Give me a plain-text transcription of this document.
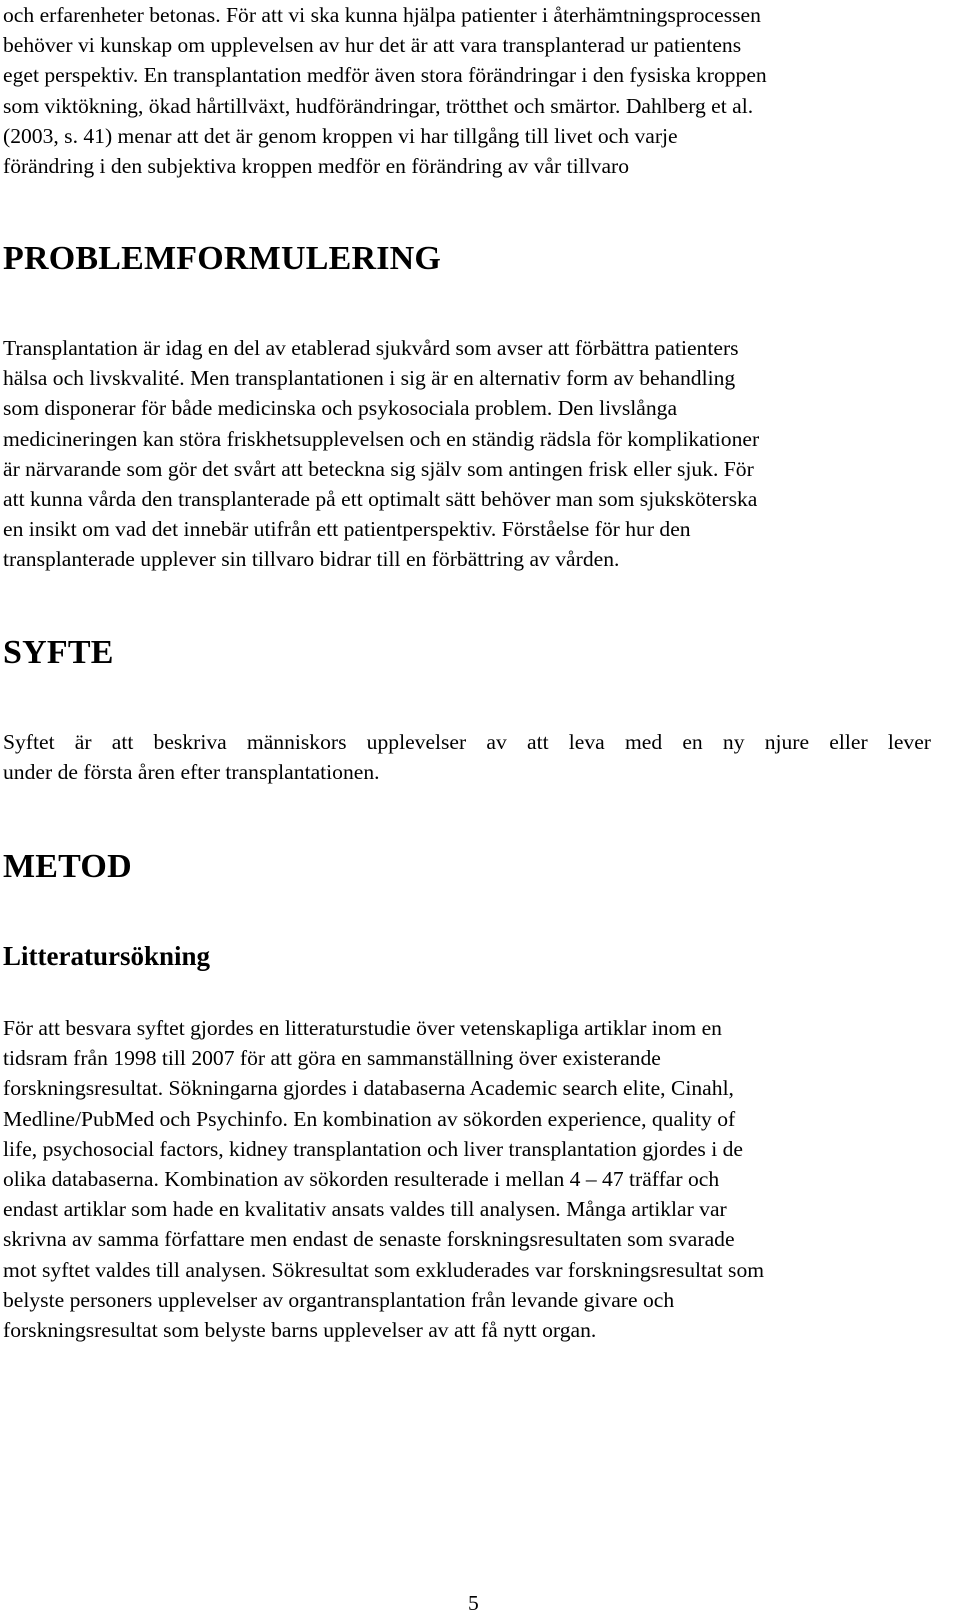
och erfarenheter betonas. För att vi ska kunna hjälpa patienter i återhämtningsprocessen
behöver vi kunskap om upplevelsen av hur det är att vara transplanterad ur patientens
eget perspektiv. En transplantation medför även stora förändringar i den fysiska kroppen
som viktökning, ökad hårtillväxt, hudförändringar, trötthet och smärtor. Dahlberg et al.
(2003, s. 41) menar att det är genom kroppen vi har tillgång till livet och varje
förändring i den subjektiva kroppen medför en förändring av vår tillvaro
PROBLEMFORMULERING
Transplantation är idag en del av etablerad sjukvård som avser att förbättra patienters
hälsa och livskvalité. Men transplantationen i sig är en alternativ form av behandling
som disponerar för både medicinska och psykosociala problem. Den livslånga
medicineringen kan störa friskhetsupplevelsen och en ständig rädsla för komplikationer
är närvarande som gör det svårt att beteckna sig själv som antingen frisk eller sjuk. För
att kunna vårda den transplanterade på ett optimalt sätt behöver man som sjuksköterska
en insikt om vad det innebär utifrån ett patientperspektiv. Förståelse för hur den
transplanterade upplever sin tillvaro bidrar till en förbättring av vården.
SYFTE
Syftet är att beskriva människors upplevelser av att leva med en ny njure eller lever
under de första åren efter transplantationen.
METOD
Litteratursökning
För att besvara syftet gjordes en litteraturstudie över vetenskapliga artiklar inom en
tidsram från 1998 till 2007 för att göra en sammanställning över existerande
forskningsresultat. Sökningarna gjordes i databaserna Academic search elite, Cinahl,
Medline/PubMed och Psychinfo. En kombination av sökorden experience, quality of
life, psychosocial factors, kidney transplantation och liver transplantation gjordes i de
olika databaserna. Kombination av sökorden resulterade i mellan 4 – 47 träffar och
endast artiklar som hade en kvalitativ ansats valdes till analysen. Många artiklar var
skrivna av samma författare men endast de senaste forskningsresultaten som svarade
mot syftet valdes till analysen. Sökresultat som exkluderades var forskningsresultat som
belyste personers upplevelser av organtransplantation från levande givare och
forskningsresultat som belyste barns upplevelser av att få nytt organ.
5
